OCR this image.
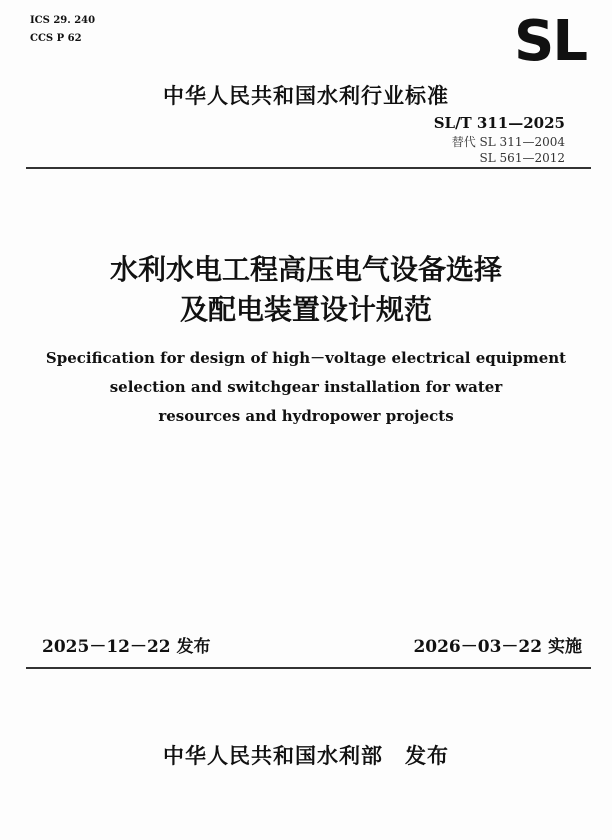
ICS 29. 240
CCS P 62	SL
中华人民共和国水利行业标准
SL/T 311—2025
替代 SL 311—2004
SL 561—2012
水利水电工程高压电气设备选择
及配电装置设计规范
Specification for design of high－voltage electrical equipment
selection and switchgear installation for water
resources and hydropower projects
2025－12－22 发布	2026－03－22 实施
中华人民共和国水利部　发布
